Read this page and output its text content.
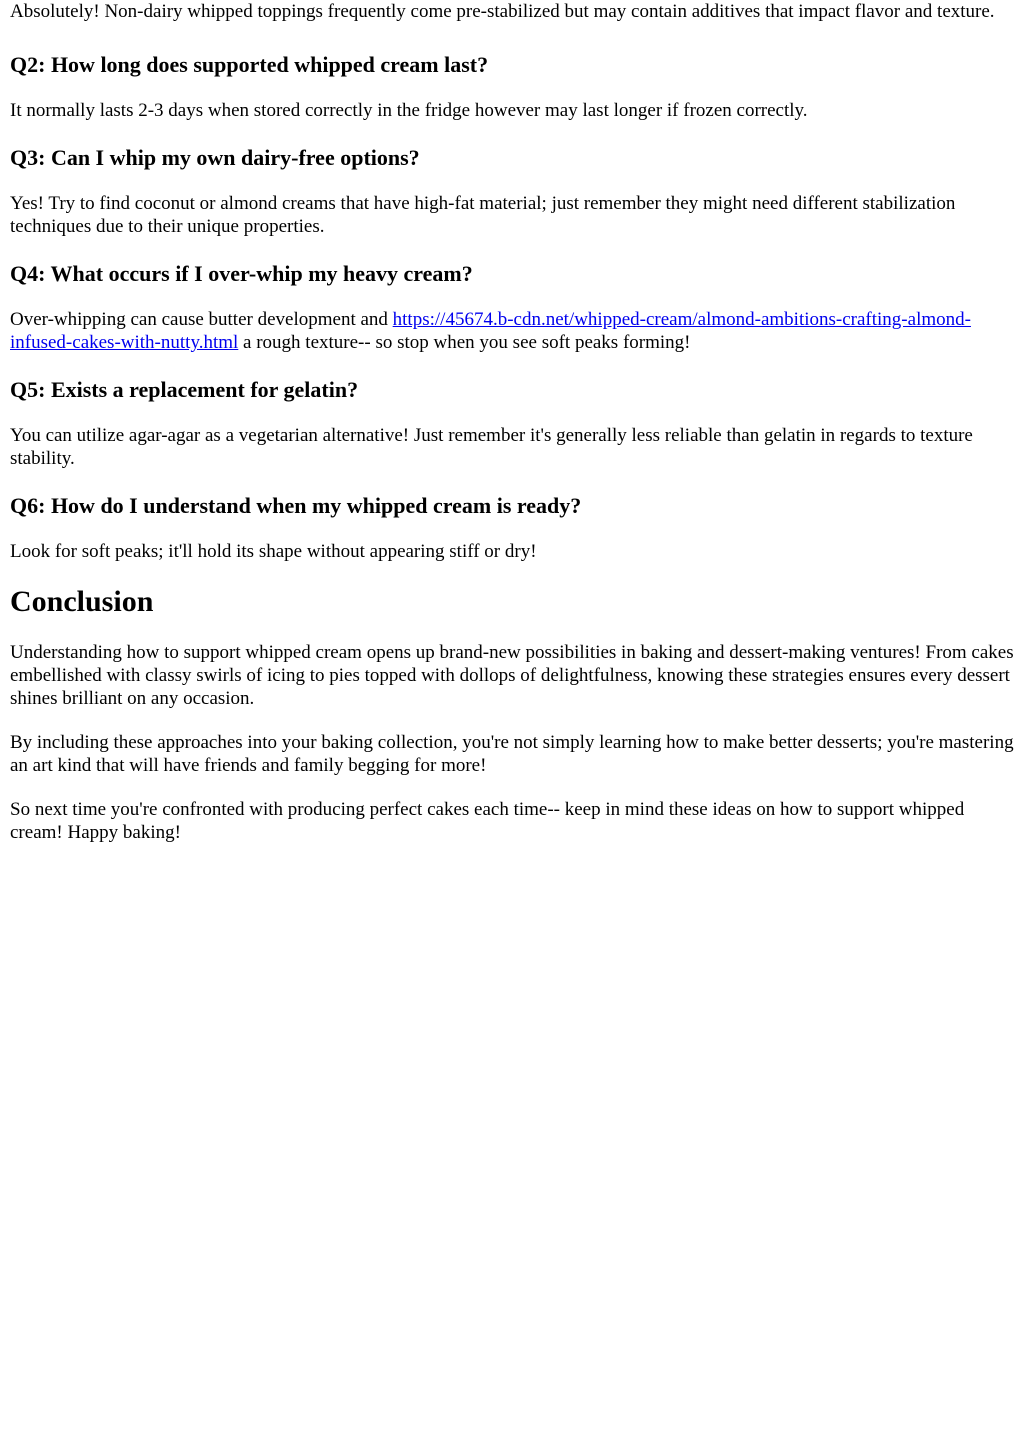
Absolutely! Non-dairy whipped toppings frequently come pre-stabilized but may contain additives that impact flavor and texture.

Q2: How long does supported whipped cream last?

It normally lasts 2-3 days when stored correctly in the fridge however may last longer if frozen correctly.

Q3: Can I whip my own dairy-free options?

Yes! Try to find coconut or almond creams that have high-fat material; just remember they might need different stabilization techniques due to their unique properties.

Q4: What occurs if I over-whip my heavy cream?

Over-whipping can cause butter development and https://45674.b-cdn.net/whipped-cream/almond-ambitions-crafting-almond-infused-cakes-with-nutty.html a rough texture-- so stop when you see soft peaks forming!

Q5: Exists a replacement for gelatin?

You can utilize agar-agar as a vegetarian alternative! Just remember it's generally less reliable than gelatin in regards to texture stability.

Q6: How do I understand when my whipped cream is ready?

Look for soft peaks; it'll hold its shape without appearing stiff or dry!

Conclusion

Understanding how to support whipped cream opens up brand-new possibilities in baking and dessert-making ventures! From cakes embellished with classy swirls of icing to pies topped with dollops of delightfulness, knowing these strategies ensures every dessert shines brilliant on any occasion.

By including these approaches into your baking collection, you're not simply learning how to make better desserts; you're mastering an art kind that will have friends and family begging for more!

So next time you're confronted with producing perfect cakes each time-- keep in mind these ideas on how to support whipped cream! Happy baking!
